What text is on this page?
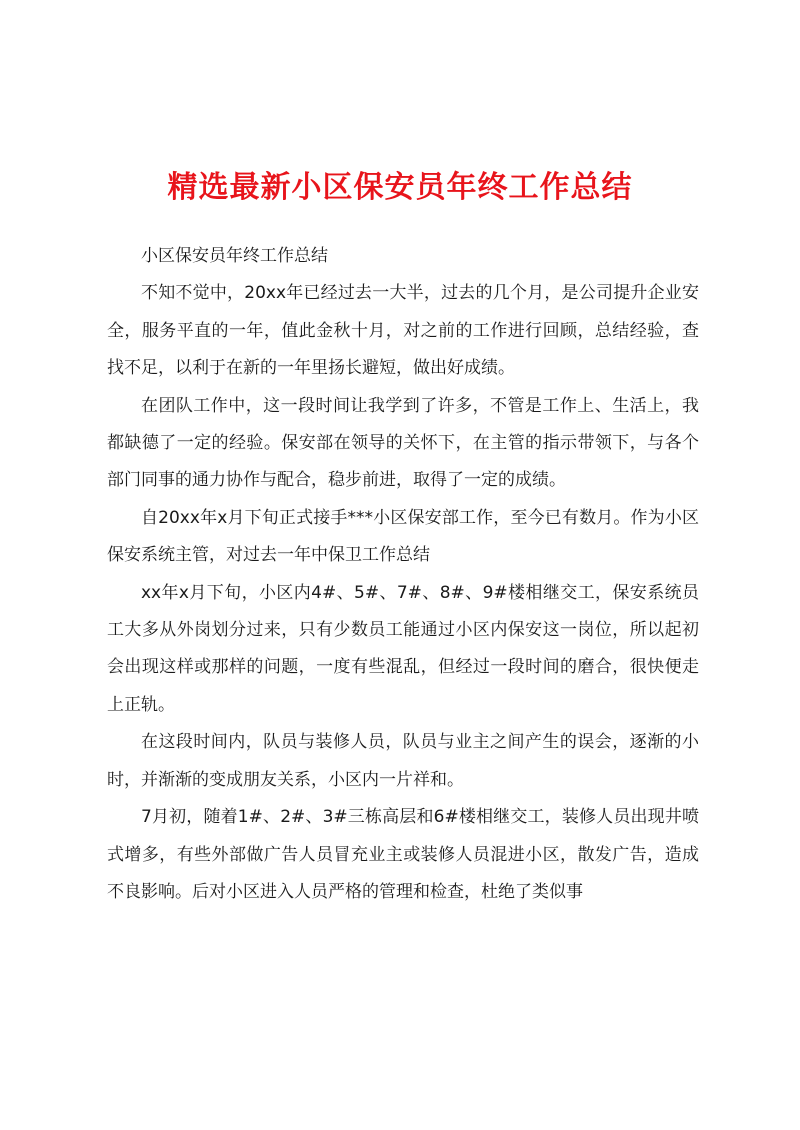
精选最新小区保安员年终工作总结

小区保安员年终工作总结

不知不觉中，20xx年已经过去一大半，过去的几个月，是公司提升企业安全，服务平直的一年，值此金秋十月，对之前的工作进行回顾，总结经验，查找不足，以利于在新的一年里扬长避短，做出好成绩。

在团队工作中，这一段时间让我学到了许多，不管是工作上、生活上，我都缺德了一定的经验。保安部在领导的关怀下，在主管的指示带领下，与各个部门同事的通力协作与配合，稳步前进，取得了一定的成绩。

自20xx年x月下旬正式接手***小区保安部工作，至今已有数月。作为小区保安系统主管，对过去一年中保卫工作总结

xx年x月下旬，小区内4#、5#、7#、8#、9#楼相继交工，保安系统员工大多从外岗划分过来，只有少数员工能通过小区内保安这一岗位，所以起初会出现这样或那样的问题，一度有些混乱，但经过一段时间的磨合，很快便走上正轨。

在这段时间内，队员与装修人员，队员与业主之间产生的误会，逐渐的小时，并渐渐的变成朋友关系，小区内一片祥和。

7月初，随着1#、2#、3#三栋高层和6#楼相继交工，装修人员出现井喷式增多，有些外部做广告人员冒充业主或装修人员混进小区，散发广告，造成不良影响。后对小区进入人员严格的管理和检查，杜绝了类似事
